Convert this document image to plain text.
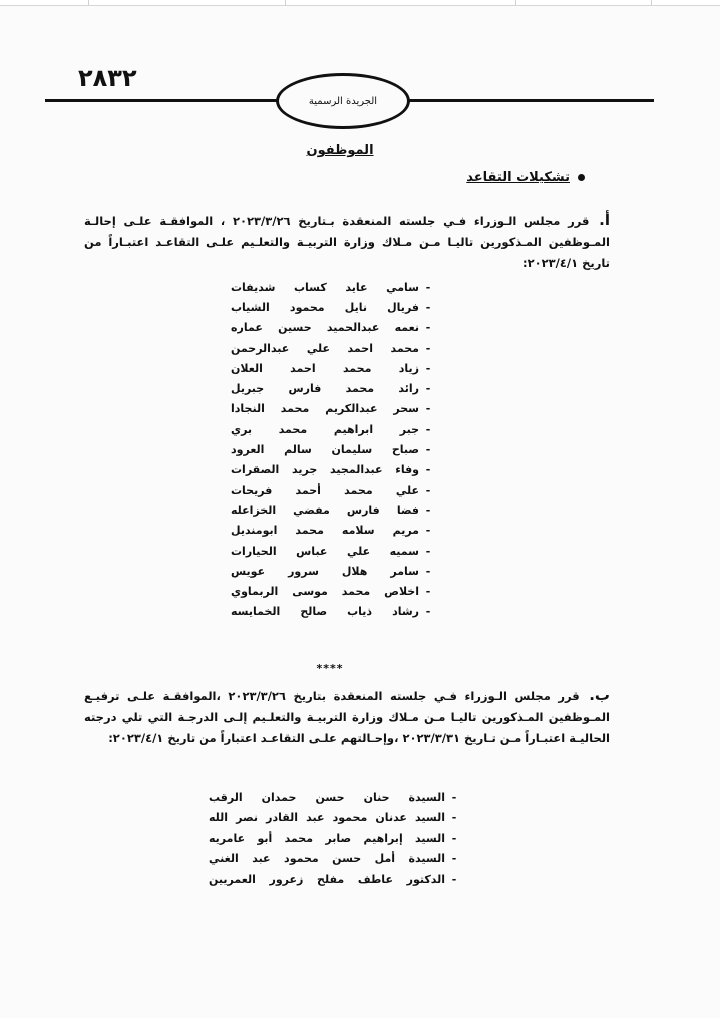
٢٨٣٢
الجريدة الرسمية
الموظفون
تشكيلات التقاعد
أ. قرر مجلس الـوزراء فـي جلسته المنعقدة بـتاريخ ٢٠٢٣/٣/٢٦ ، الموافقـة علـى إحالـة المـوظفين المـذكورين تاليـا مـن مـلاك وزارة التربيـة والتعلـيم علـى التقاعـد اعتبـاراً من تاريخ ٢٠٢٣/٤/١:
-
سامي عايد كساب شديفات
-
فريال نايل محمود الشياب
-
نعمه عبدالحميد حسين عماره
-
محمد احمد علي عبدالرحمن
-
زياد محمد احمد العلان
-
رائد محمد فارس جبريل
-
سحر عبدالكريم محمد النجادا
-
جبر ابراهيم محمد بري
-
صباح سليمان سالم العرود
-
وفاء عبدالمجيد جريد الصقرات
-
علي محمد أحمد فريحات
-
فضا فارس مفضي الخزاعله
-
مريم سلامه محمد ابومنديل
-
سميه علي عباس الحيارات
-
سامر هلال سرور عويس
-
اخلاص محمد موسى الربماوي
-
رشاد ذياب صالح الخمايسه
****
ب. قرر مجلس الـوزراء فـي جلسته المنعقدة بتاريخ ٢٠٢٣/٣/٢٦ ،الموافقـة علـى ترفيـع المـوظفين المـذكورين تاليـا مـن مـلاك وزارة التربيـة والتعلـيم إلـى الدرجـة التي تلي درجته الحاليـة اعتبـاراً مـن تـاريخ ٢٠٢٣/٣/٣١ ،وإحـالتهم علـى التقاعـد اعتباراً من تاريخ ٢٠٢٣/٤/١:
-
السيدة حنان حسن حمدان الرقب
-
السيد عدنان محمود عبد القادر نصر الله
-
السيد إبراهيم صابر محمد أبو عامريه
-
السيدة أمل حسن محمود عبد الغني
-
الدكتور عاطف مفلح زعرور العمريين
